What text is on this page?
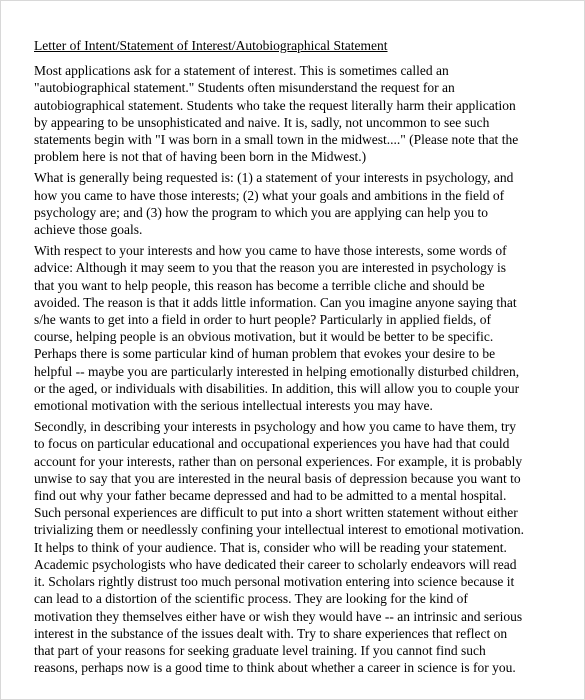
Letter of Intent/Statement of Interest/Autobiographical Statement
Most applications ask for a statement of interest. This is sometimes called an
"autobiographical statement." Students often misunderstand the request for an
autobiographical statement. Students who take the request literally harm their application
by appearing to be unsophisticated and naive. It is, sadly, not uncommon to see such
statements begin with "I was born in a small town in the midwest...." (Please note that the
problem here is not that of having been born in the Midwest.)
What is generally being requested is: (1) a statement of your interests in psychology, and
how you came to have those interests; (2) what your goals and ambitions in the field of
psychology are; and (3) how the program to which you are applying can help you to
achieve those goals.
With respect to your interests and how you came to have those interests, some words of
advice: Although it may seem to you that the reason you are interested in psychology is
that you want to help people, this reason has become a terrible cliche and should be
avoided. The reason is that it adds little information. Can you imagine anyone saying that
s/he wants to get into a field in order to hurt people? Particularly in applied fields, of
course, helping people is an obvious motivation, but it would be better to be specific.
Perhaps there is some particular kind of human problem that evokes your desire to be
helpful -- maybe you are particularly interested in helping emotionally disturbed children,
or the aged, or individuals with disabilities. In addition, this will allow you to couple your
emotional motivation with the serious intellectual interests you may have.
Secondly, in describing your interests in psychology and how you came to have them, try
to focus on particular educational and occupational experiences you have had that could
account for your interests, rather than on personal experiences. For example, it is probably
unwise to say that you are interested in the neural basis of depression because you want to
find out why your father became depressed and had to be admitted to a mental hospital.
Such personal experiences are difficult to put into a short written statement without either
trivializing them or needlessly confining your intellectual interest to emotional motivation.
It helps to think of your audience. That is, consider who will be reading your statement.
Academic psychologists who have dedicated their career to scholarly endeavors will read
it. Scholars rightly distrust too much personal motivation entering into science because it
can lead to a distortion of the scientific process. They are looking for the kind of
motivation they themselves either have or wish they would have -- an intrinsic and serious
interest in the substance of the issues dealt with. Try to share experiences that reflect on
that part of your reasons for seeking graduate level training. If you cannot find such
reasons, perhaps now is a good time to think about whether a career in science is for you.
